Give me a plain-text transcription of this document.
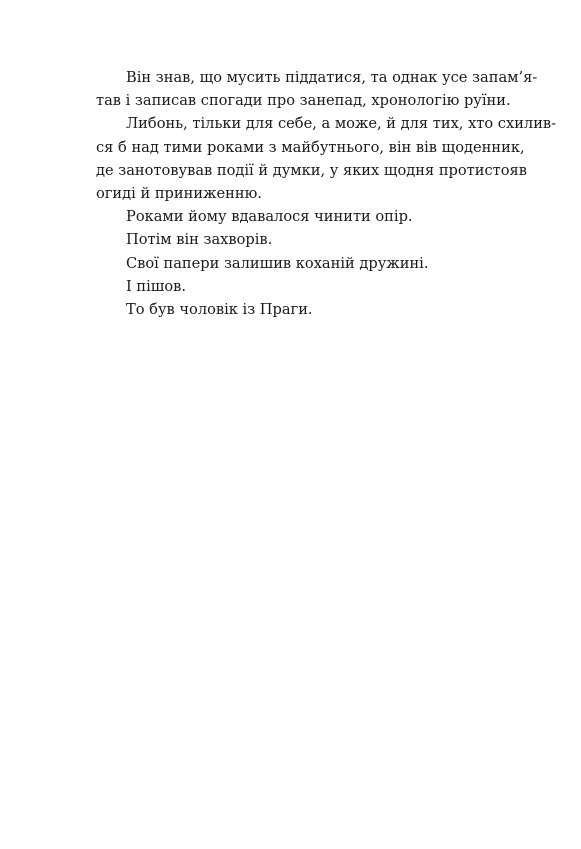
Він знав, що мусить піддатися, та однак усе запам’я-
тав і записав спогади про занепад, хронологію руїни.

Либонь, тільки для себе, а може, й для тих, хто схилив-
ся б над тими роками з майбутнього, він вів щоденник,
де занотовував події й думки, у яких щодня протистояв
огиді й приниженню.

Роками йому вдавалося чинити опір.

Потім він захворів.

Свої папери залишив коханій дружині.

І пішов.

То був чоловік із Праги.
